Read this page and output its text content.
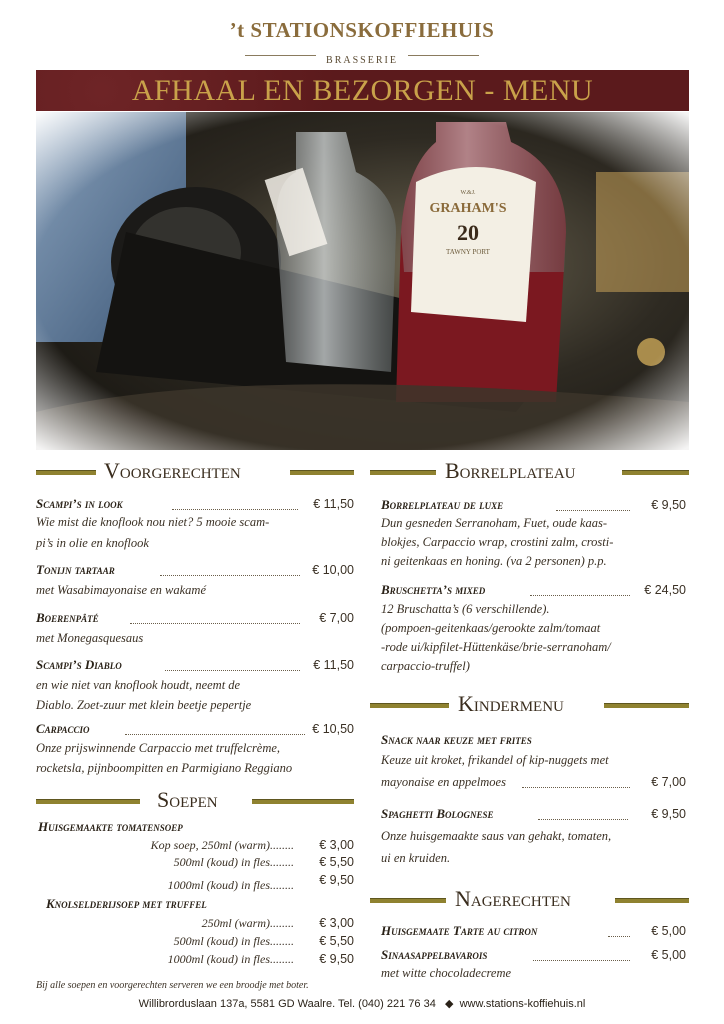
’t STATIONSKOFFIEHUIS
BRASSERIE
AFHAAL EN BEZORGEN - MENU
Voorgerechten	Borrelplateau
Scampi’s in look	€ 11,50
Wie mist die knoflook nou niet? 5 mooie scam-
pi’s in olie en knoflook
Tonijn tartaar	€ 10,00
met Wasabimayonaise en wakamé
Boerenpâté	€ 7,00
met Monegasquesaus
Scampi’s Diablo	€ 11,50
en wie niet van knoflook houdt, neemt de
Diablo. Zoet-zuur met klein beetje pepertje
Carpaccio	€ 10,50
Onze prijswinnende Carpaccio met truffelcrème,
rocketsla, pijnboompitten en Parmigiano Reggiano
Soepen
Huisgemaakte tomatensoep
Kop soep, 250ml (warm)........	€ 3,00
500ml (koud) in fles........	€ 5,50
1000ml (koud) in fles........	€ 9,50
Knolselderijsoep met truffel
250ml (warm)........	€ 3,00
500ml (koud) in fles........	€ 5,50
1000ml (koud) in fles........	€ 9,50
Borrelplateau de luxe	€ 9,50
Dun gesneden Serranoham, Fuet, oude kaas-
blokjes, Carpaccio wrap, crostini zalm, crosti-
ni geitenkaas en honing. (va 2 personen) p.p.
Bruschetta’s mixed	€ 24,50
12 Bruschatta’s (6 verschillende).
(pompoen-geitenkaas/gerookte zalm/tomaat
-rode ui/kipfilet-Hüttenkäse/brie-serranoham/
carpaccio-truffel)
Kindermenu
Snack naar keuze met frites
Keuze uit kroket, frikandel of kip-nuggets met
mayonaise en appelmoes	€ 7,00
Spaghetti Bolognese	€ 9,50
Onze huisgemaakte saus van gehakt, tomaten,
ui en kruiden.
Nagerechten
Huisgemaate Tarte au citron	€ 5,00
Sinaasappelbavarois	€ 5,00
met witte chocoladecreme
Bij alle soepen en voorgerechten serveren we een broodje met boter.
Willibrorduslaan 137a, 5581 GD Waalre. Tel. (040) 221 76 34 ◆ www.stations-koffiehuis.nl
